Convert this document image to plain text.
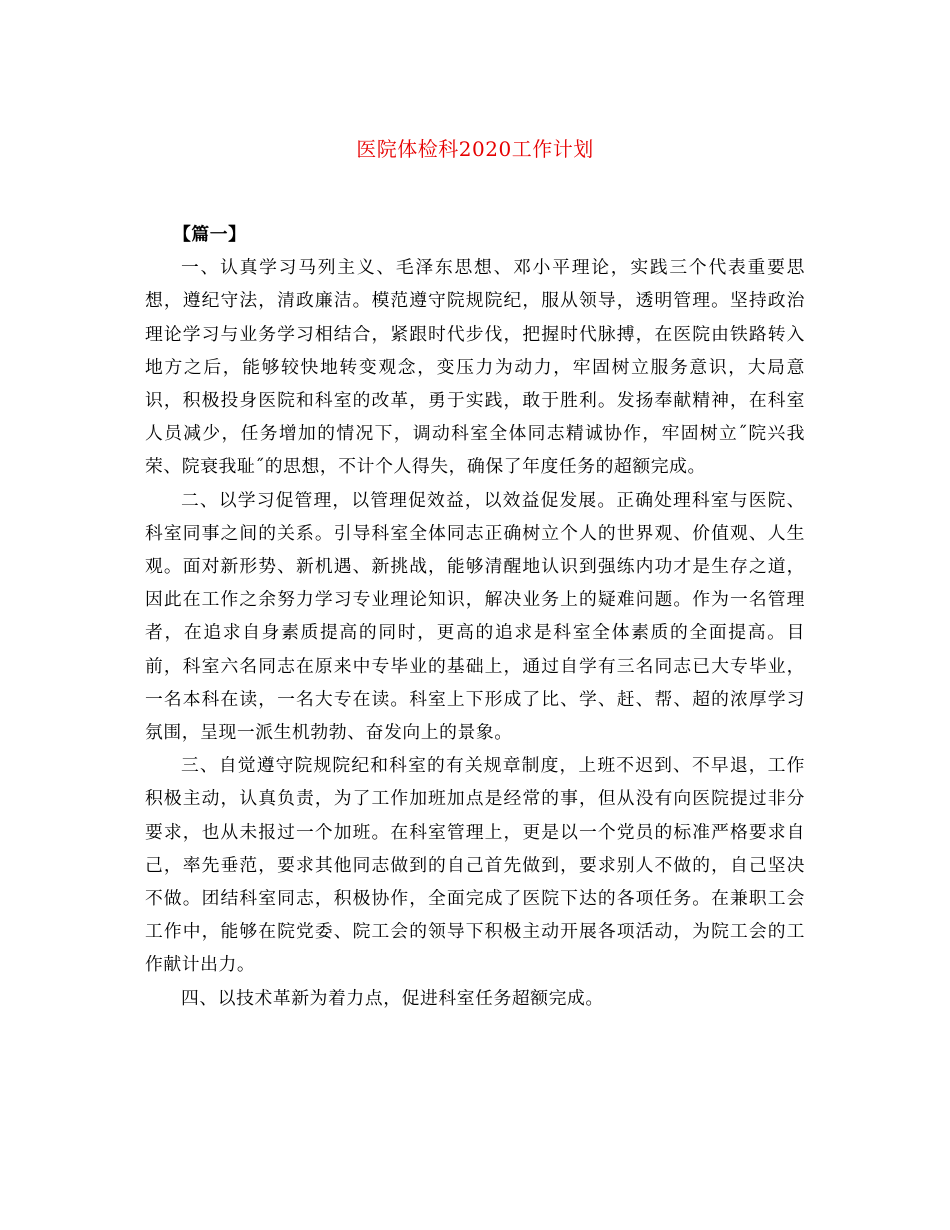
医院体检科2020工作计划

【篇一】

一、认真学习马列主义、毛泽东思想、邓小平理论，实践三个代表重要思想，遵纪守法，清政廉洁。模范遵守院规院纪，服从领导，透明管理。坚持政治理论学习与业务学习相结合，紧跟时代步伐，把握时代脉搏，在医院由铁路转入地方之后，能够较快地转变观念，变压力为动力，牢固树立服务意识，大局意识，积极投身医院和科室的改革，勇于实践，敢于胜利。发扬奉献精神，在科室人员减少，任务增加的情况下，调动科室全体同志精诚协作，牢固树立˝院兴我荣、院衰我耻˝的思想，不计个人得失，确保了年度任务的超额完成。

二、以学习促管理，以管理促效益，以效益促发展。正确处理科室与医院、科室同事之间的关系。引导科室全体同志正确树立个人的世界观、价值观、人生观。面对新形势、新机遇、新挑战，能够清醒地认识到强练内功才是生存之道，因此在工作之余努力学习专业理论知识，解决业务上的疑难问题。作为一名管理者，在追求自身素质提高的同时，更高的追求是科室全体素质的全面提高。目前，科室六名同志在原来中专毕业的基础上，通过自学有三名同志已大专毕业，一名本科在读，一名大专在读。科室上下形成了比、学、赶、帮、超的浓厚学习氛围，呈现一派生机勃勃、奋发向上的景象。

三、自觉遵守院规院纪和科室的有关规章制度，上班不迟到、不早退，工作积极主动，认真负责，为了工作加班加点是经常的事，但从没有向医院提过非分要求，也从未报过一个加班。在科室管理上，更是以一个党员的标准严格要求自己，率先垂范，要求其他同志做到的自己首先做到，要求别人不做的，自己坚决不做。团结科室同志，积极协作，全面完成了医院下达的各项任务。在兼职工会工作中，能够在院党委、院工会的领导下积极主动开展各项活动，为院工会的工作献计出力。

四、以技术革新为着力点，促进科室任务超额完成。
